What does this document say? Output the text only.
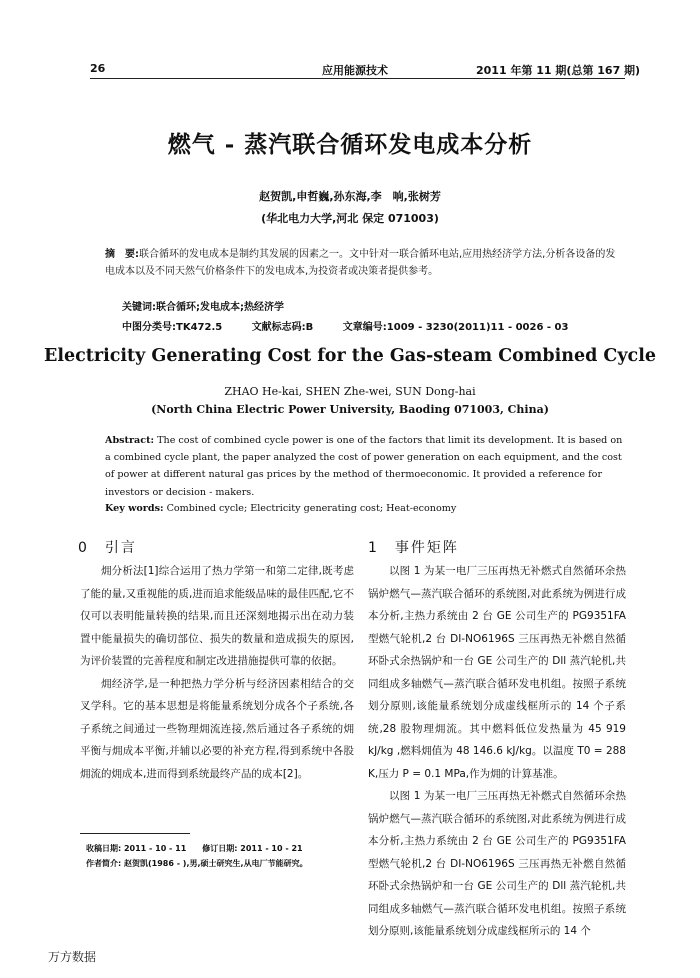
26	应用能源技术	2011 年第 11 期(总第 167 期)
燃气 - 蒸汽联合循环发电成本分析
赵贺凯,申哲巍,孙东海,李　响,张树芳
(华北电力大学,河北 保定 071003)
摘　要:联合循环的发电成本是制约其发展的因素之一。文中针对一联合循环电站,应用热经济学方法,分析各设备的发电成本以及不同天然气价格条件下的发电成本,为投资者或决策者提供参考。
关键词:联合循环;发电成本;热经济学
中图分类号:TK472.5	文献标志码:B	文章编号:1009 - 3230(2011)11 - 0026 - 03
Electricity Generating Cost for the Gas-steam Combined Cycle
ZHAO He-kai, SHEN Zhe-wei, SUN Dong-hai
(North China Electric Power University, Baoding 071003, China)
Abstract: The cost of combined cycle power is one of the factors that limit its development. It is based on a combined cycle plant, the paper analyzed the cost of power generation on each equipment, and the cost of power at different natural gas prices by the method of thermoeconomic. It provided a reference for investors or decision - makers.
Key words: Combined cycle; Electricity generating cost; Heat-economy
0　引言	1　事件矩阵

㶲分析法[1]综合运用了热力学第一和第二定律,既考虑了能的量,又重视能的质,进而追求能级品味的最佳匹配,它不仅可以表明能量转换的结果,而且还深刻地揭示出在动力装置中能量损失的确切部位、损失的数量和造成损失的原因,为评价装置的完善程度和制定改进措施提供可靠的依据。

㶲经济学,是一种把热力学分析与经济因素相结合的交叉学科。它的基本思想是将能量系统划分成各个子系统,各子系统之间通过一些物理㶲流连接,然后通过各子系统的㶲平衡与㶲成本平衡,并辅以必要的补充方程,得到系统中各股㶲流的㶲成本,进而得到系统最终产品的成本[2]。

收稿日期: 2011 - 10 - 11　　修订日期: 2011 - 10 - 21
作者简介: 赵贺凯(1986 - ),男,硕士研究生,从电厂节能研究。

以图 1 为某一电厂三压再热无补燃式自然循环余热锅炉燃气—蒸汽联合循环的系统图,对此系统为例进行成本分析,主热力系统由 2 台 GE 公司生产的 PG9351FA 型燃气轮机,2 台 DI-NO6196S 三压再热无补燃自然循环卧式余热锅炉和一台 GE 公司生产的 Dll 蒸汽轮机,共同组成多轴燃气—蒸汽联合循环发电机组。按照子系统划分原则,该能量系统划分成虚线框所示的 14 个子系统,28 股物理㶲流。其中燃料低位发热量为 45 919 kJ/kg ,燃料㶲值为 48 146.6 kJ/kg。以温度 T0 = 288 K,压力 P = 0.1 MPa,作为㶲的计算基准。

以图 1 为某一电厂三压再热无补燃式自然循环余热锅炉燃气—蒸汽联合循环的系统图,对此系统为例进行成本分析,主热力系统由 2 台 GE 公司生产的 PG9351FA 型燃气轮机,2 台 DI-NO6196S 三压再热无补燃自然循环卧式余热锅炉和一台 GE 公司生产的 Dll 蒸汽轮机,共同组成多轴燃气—蒸汽联合循环发电机组。按照子系统划分原则,该能量系统划分成虚线框所示的 14 个

万方数据
